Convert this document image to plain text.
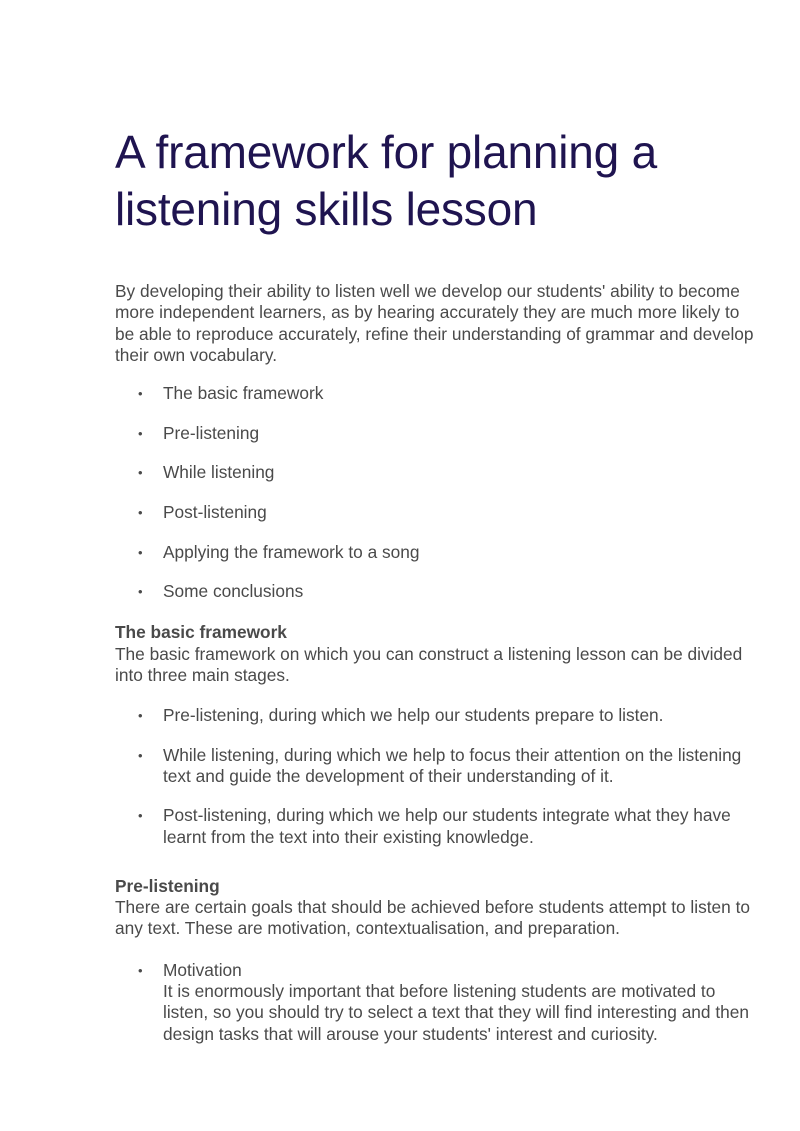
A framework for planning a listening skills lesson

By developing their ability to listen well we develop our students' ability to become more independent learners, as by hearing accurately they are much more likely to be able to reproduce accurately, refine their understanding of grammar and develop their own vocabulary.

• The basic framework
• Pre-listening
• While listening
• Post-listening
• Applying the framework to a song
• Some conclusions
The basic framework

The basic framework on which you can construct a listening lesson can be divided into three main stages.

• Pre-listening, during which we help our students prepare to listen.
• While listening, during which we help to focus their attention on the listening text and guide the development of their understanding of it.
• Post-listening, during which we help our students integrate what they have learnt from the text into their existing knowledge.
Pre-listening

There are certain goals that should be achieved before students attempt to listen to any text. These are motivation, contextualisation, and preparation.

• Motivation
It is enormously important that before listening students are motivated to listen, so you should try to select a text that they will find interesting and then design tasks that will arouse your students' interest and curiosity.
